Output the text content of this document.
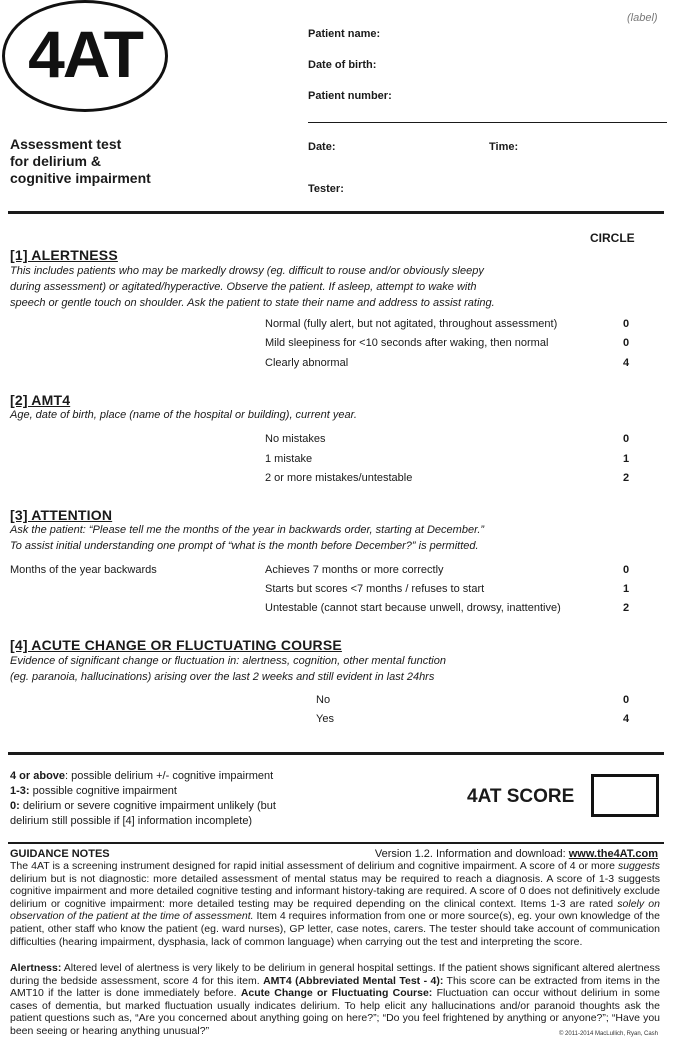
(label)
4AT
Assessment test
for delirium &
cognitive impairment
Patient name:
Date of birth:
Patient number:
Date:	Time:
Tester:
CIRCLE
[1] ALERTNESS
This includes patients who may be markedly drowsy (eg. difficult to rouse and/or obviously sleepy
during assessment) or agitated/hyperactive. Observe the patient. If asleep, attempt to wake with
speech or gentle touch on shoulder. Ask the patient to state their name and address to assist rating.
Normal (fully alert, but not agitated, throughout assessment)	0
Mild sleepiness for <10 seconds after waking, then normal	0
Clearly abnormal	4
[2] AMT4
Age, date of birth, place (name of the hospital or building), current year.
No mistakes	0
1 mistake	1
2 or more mistakes/untestable	2
[3] ATTENTION
Ask the patient: “Please tell me the months of the year in backwards order, starting at December.”
To assist initial understanding one prompt of “what is the month before December?” is permitted.
Months of the year backwards	Achieves 7 months or more correctly	0
Starts but scores <7 months / refuses to start	1
Untestable (cannot start because unwell, drowsy, inattentive)	2
[4] ACUTE CHANGE OR FLUCTUATING COURSE
Evidence of significant change or fluctuation in: alertness, cognition, other mental function
(eg. paranoia, hallucinations) arising over the last 2 weeks and still evident in last 24hrs
No	0
Yes	4
4 or above: possible delirium +/- cognitive impairment
1-3: possible cognitive impairment
0: delirium or severe cognitive impairment unlikely (but
delirium still possible if [4] information incomplete)
4AT SCORE
GUIDANCE NOTES	Version 1.2. Information and download: www.the4AT.com
The 4AT is a screening instrument designed for rapid initial assessment of delirium and cognitive impairment. A score of 4 or more suggests delirium but is not diagnostic: more detailed assessment of mental status may be required to reach a diagnosis. A score of 1-3 suggests cognitive impairment and more detailed cognitive testing and informant history-taking are required. A score of 0 does not definitively exclude delirium or cognitive impairment: more detailed testing may be required depending on the clinical context. Items 1-3 are rated solely on observation of the patient at the time of assessment. Item 4 requires information from one or more source(s), eg. your own knowledge of the patient, other staff who know the patient (eg. ward nurses), GP letter, case notes, carers. The tester should take account of communication difficulties (hearing impairment, dysphasia, lack of common language) when carrying out the test and interpreting the score.
Alertness: Altered level of alertness is very likely to be delirium in general hospital settings. If the patient shows significant altered alertness during the bedside assessment, score 4 for this item. AMT4 (Abbreviated Mental Test - 4): This score can be extracted from items in the AMT10 if the latter is done immediately before. Acute Change or Fluctuating Course: Fluctuation can occur without delirium in some cases of dementia, but marked fluctuation usually indicates delirium. To help elicit any hallucinations and/or paranoid thoughts ask the patient questions such as, “Are you concerned about anything going on here?”; “Do you feel frightened by anything or anyone?”; “Have you been seeing or hearing anything unusual?”	© 2011-2014 MacLullich, Ryan, Cash
